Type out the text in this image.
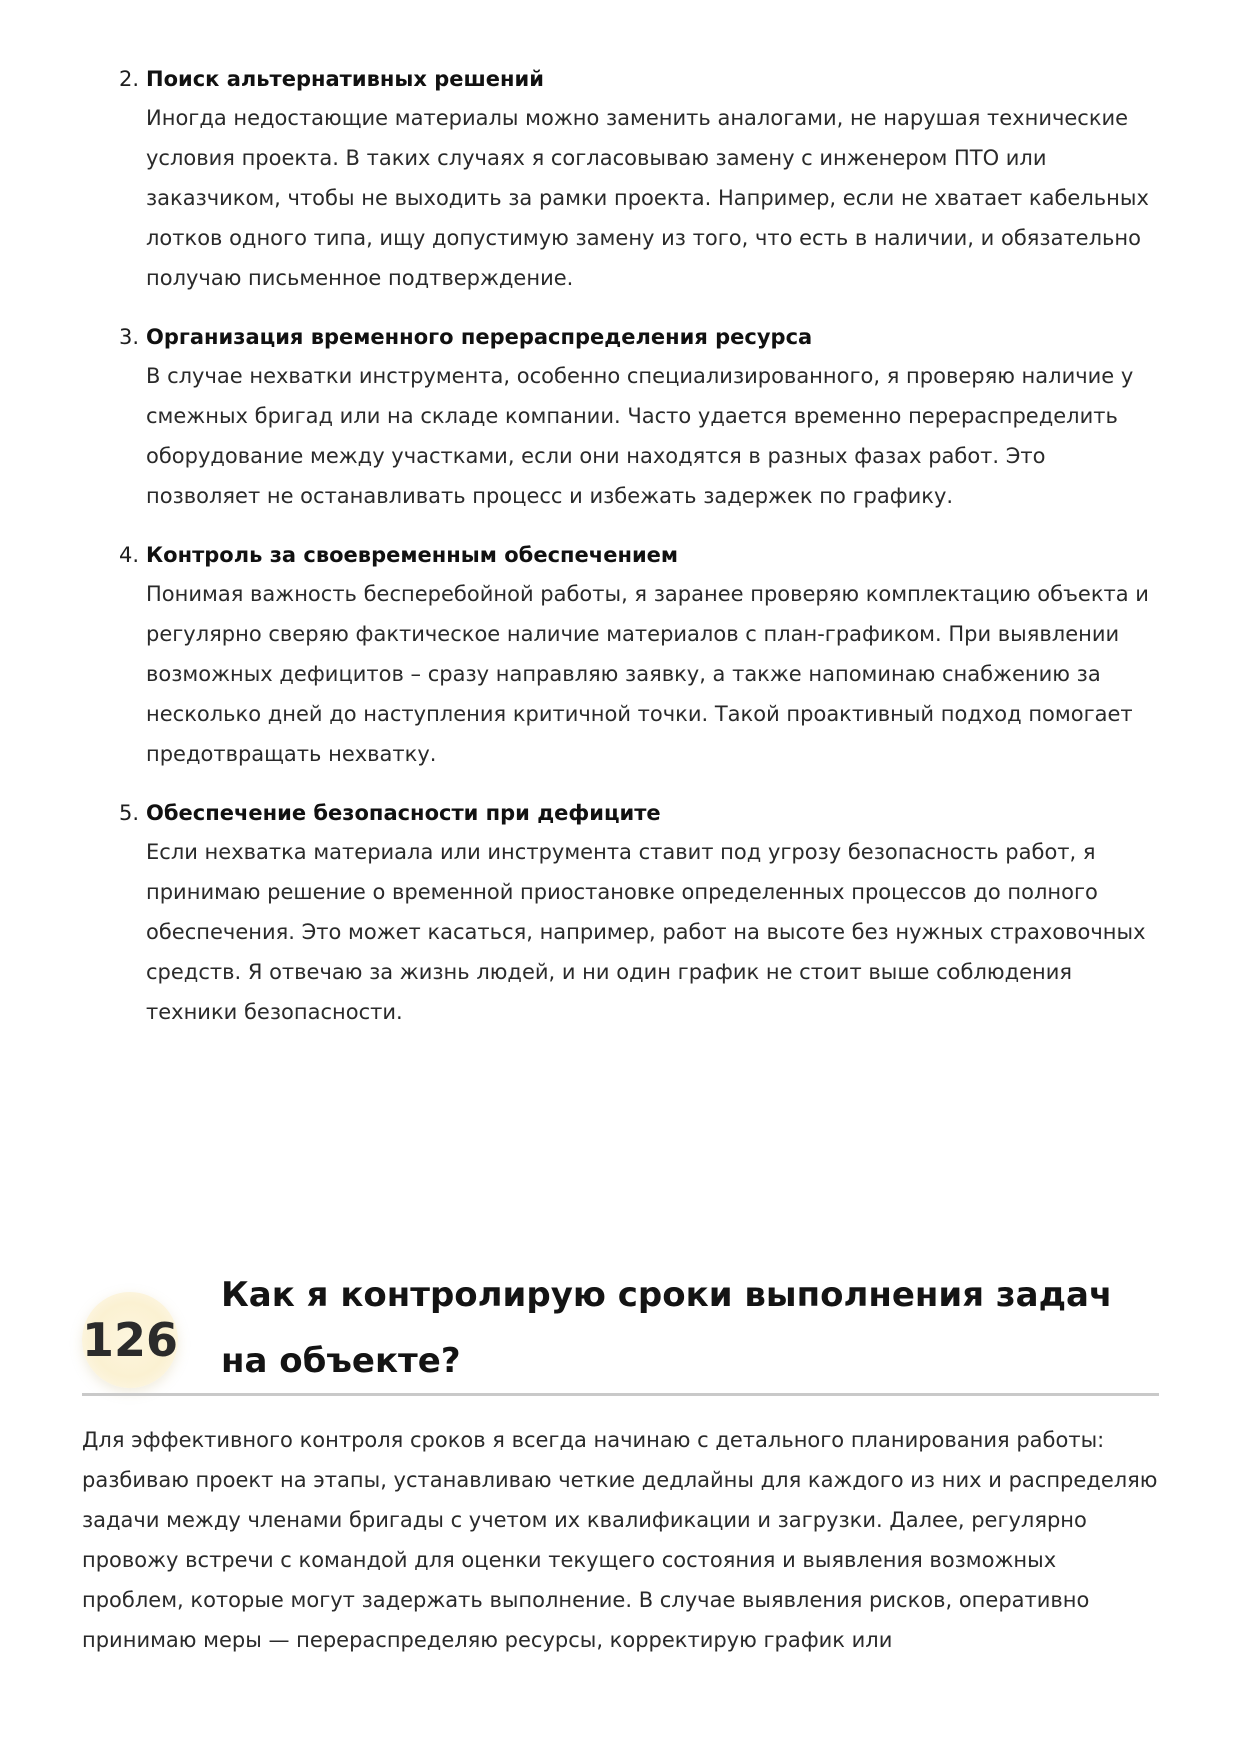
2. Поиск альтернативных решений
Иногда недостающие материалы можно заменить аналогами, не нарушая технические условия проекта. В таких случаях я согласовываю замену с инженером ПТО или заказчиком, чтобы не выходить за рамки проекта. Например, если не хватает кабельных лотков одного типа, ищу допустимую замену из того, что есть в наличии, и обязательно получаю письменное подтверждение.
3. Организация временного перераспределения ресурса
В случае нехватки инструмента, особенно специализированного, я проверяю наличие у смежных бригад или на складе компании. Часто удается временно перераспределить оборудование между участками, если они находятся в разных фазах работ. Это позволяет не останавливать процесс и избежать задержек по графику.
4. Контроль за своевременным обеспечением
Понимая важность бесперебойной работы, я заранее проверяю комплектацию объекта и регулярно сверяю фактическое наличие материалов с план-графиком. При выявлении возможных дефицитов – сразу направляю заявку, а также напоминаю снабжению за несколько дней до наступления критичной точки. Такой проактивный подход помогает предотвращать нехватку.
5. Обеспечение безопасности при дефиците
Если нехватка материала или инструмента ставит под угрозу безопасность работ, я принимаю решение о временной приостановке определенных процессов до полного обеспечения. Это может касаться, например, работ на высоте без нужных страховочных средств. Я отвечаю за жизнь людей, и ни один график не стоит выше соблюдения техники безопасности.
126
Как я контролирую сроки выполнения задач на объекте?

Для эффективного контроля сроков я всегда начинаю с детального планирования работы: разбиваю проект на этапы, устанавливаю четкие дедлайны для каждого из них и распределяю задачи между членами бригады с учетом их квалификации и загрузки. Далее, регулярно провожу встречи с командой для оценки текущего состояния и выявления возможных проблем, которые могут задержать выполнение. В случае выявления рисков, оперативно принимаю меры — перераспределяю ресурсы, корректирую график или
